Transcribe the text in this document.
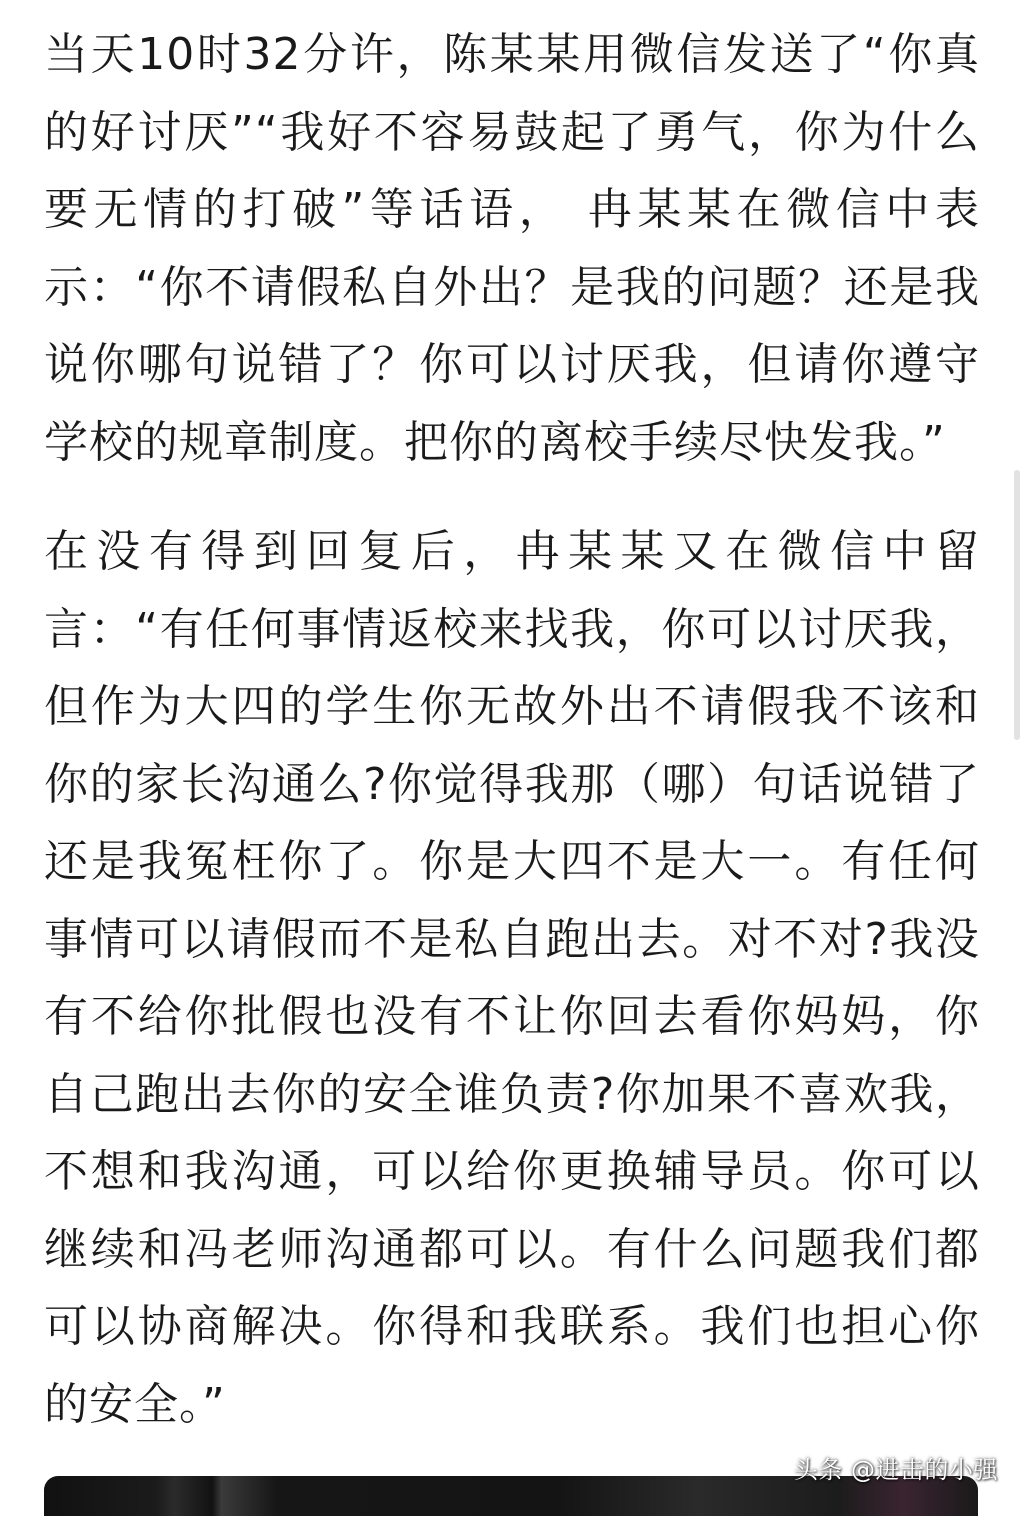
当天10时32分许，陈某某用微信发送了“你真的好讨厌”“我好不容易鼓起了勇气，你为什么要无情的打破”等话语， 冉某某在微信中表示：“你不请假私自外出？是我的问题？还是我说你哪句说错了？你可以讨厌我，但请你遵守学校的规章制度。把你的离校手续尽快发我。”

在没有得到回复后，冉某某又在微信中留言：“有任何事情返校来找我，你可以讨厌我，但作为大四的学生你无故外出不请假我不该和你的家长沟通么?你觉得我那（哪）句话说错了还是我冤枉你了。你是大四不是大一。有任何事情可以请假而不是私自跑出去。对不对?我没有不给你批假也没有不让你回去看你妈妈，你自己跑出去你的安全谁负责?你加果不喜欢我，不想和我沟通，可以给你更换辅导员。你可以继续和冯老师沟通都可以。有什么问题我们都可以协商解决。你得和我联系。我们也担心你的安全。”

头条 @进击的小强
